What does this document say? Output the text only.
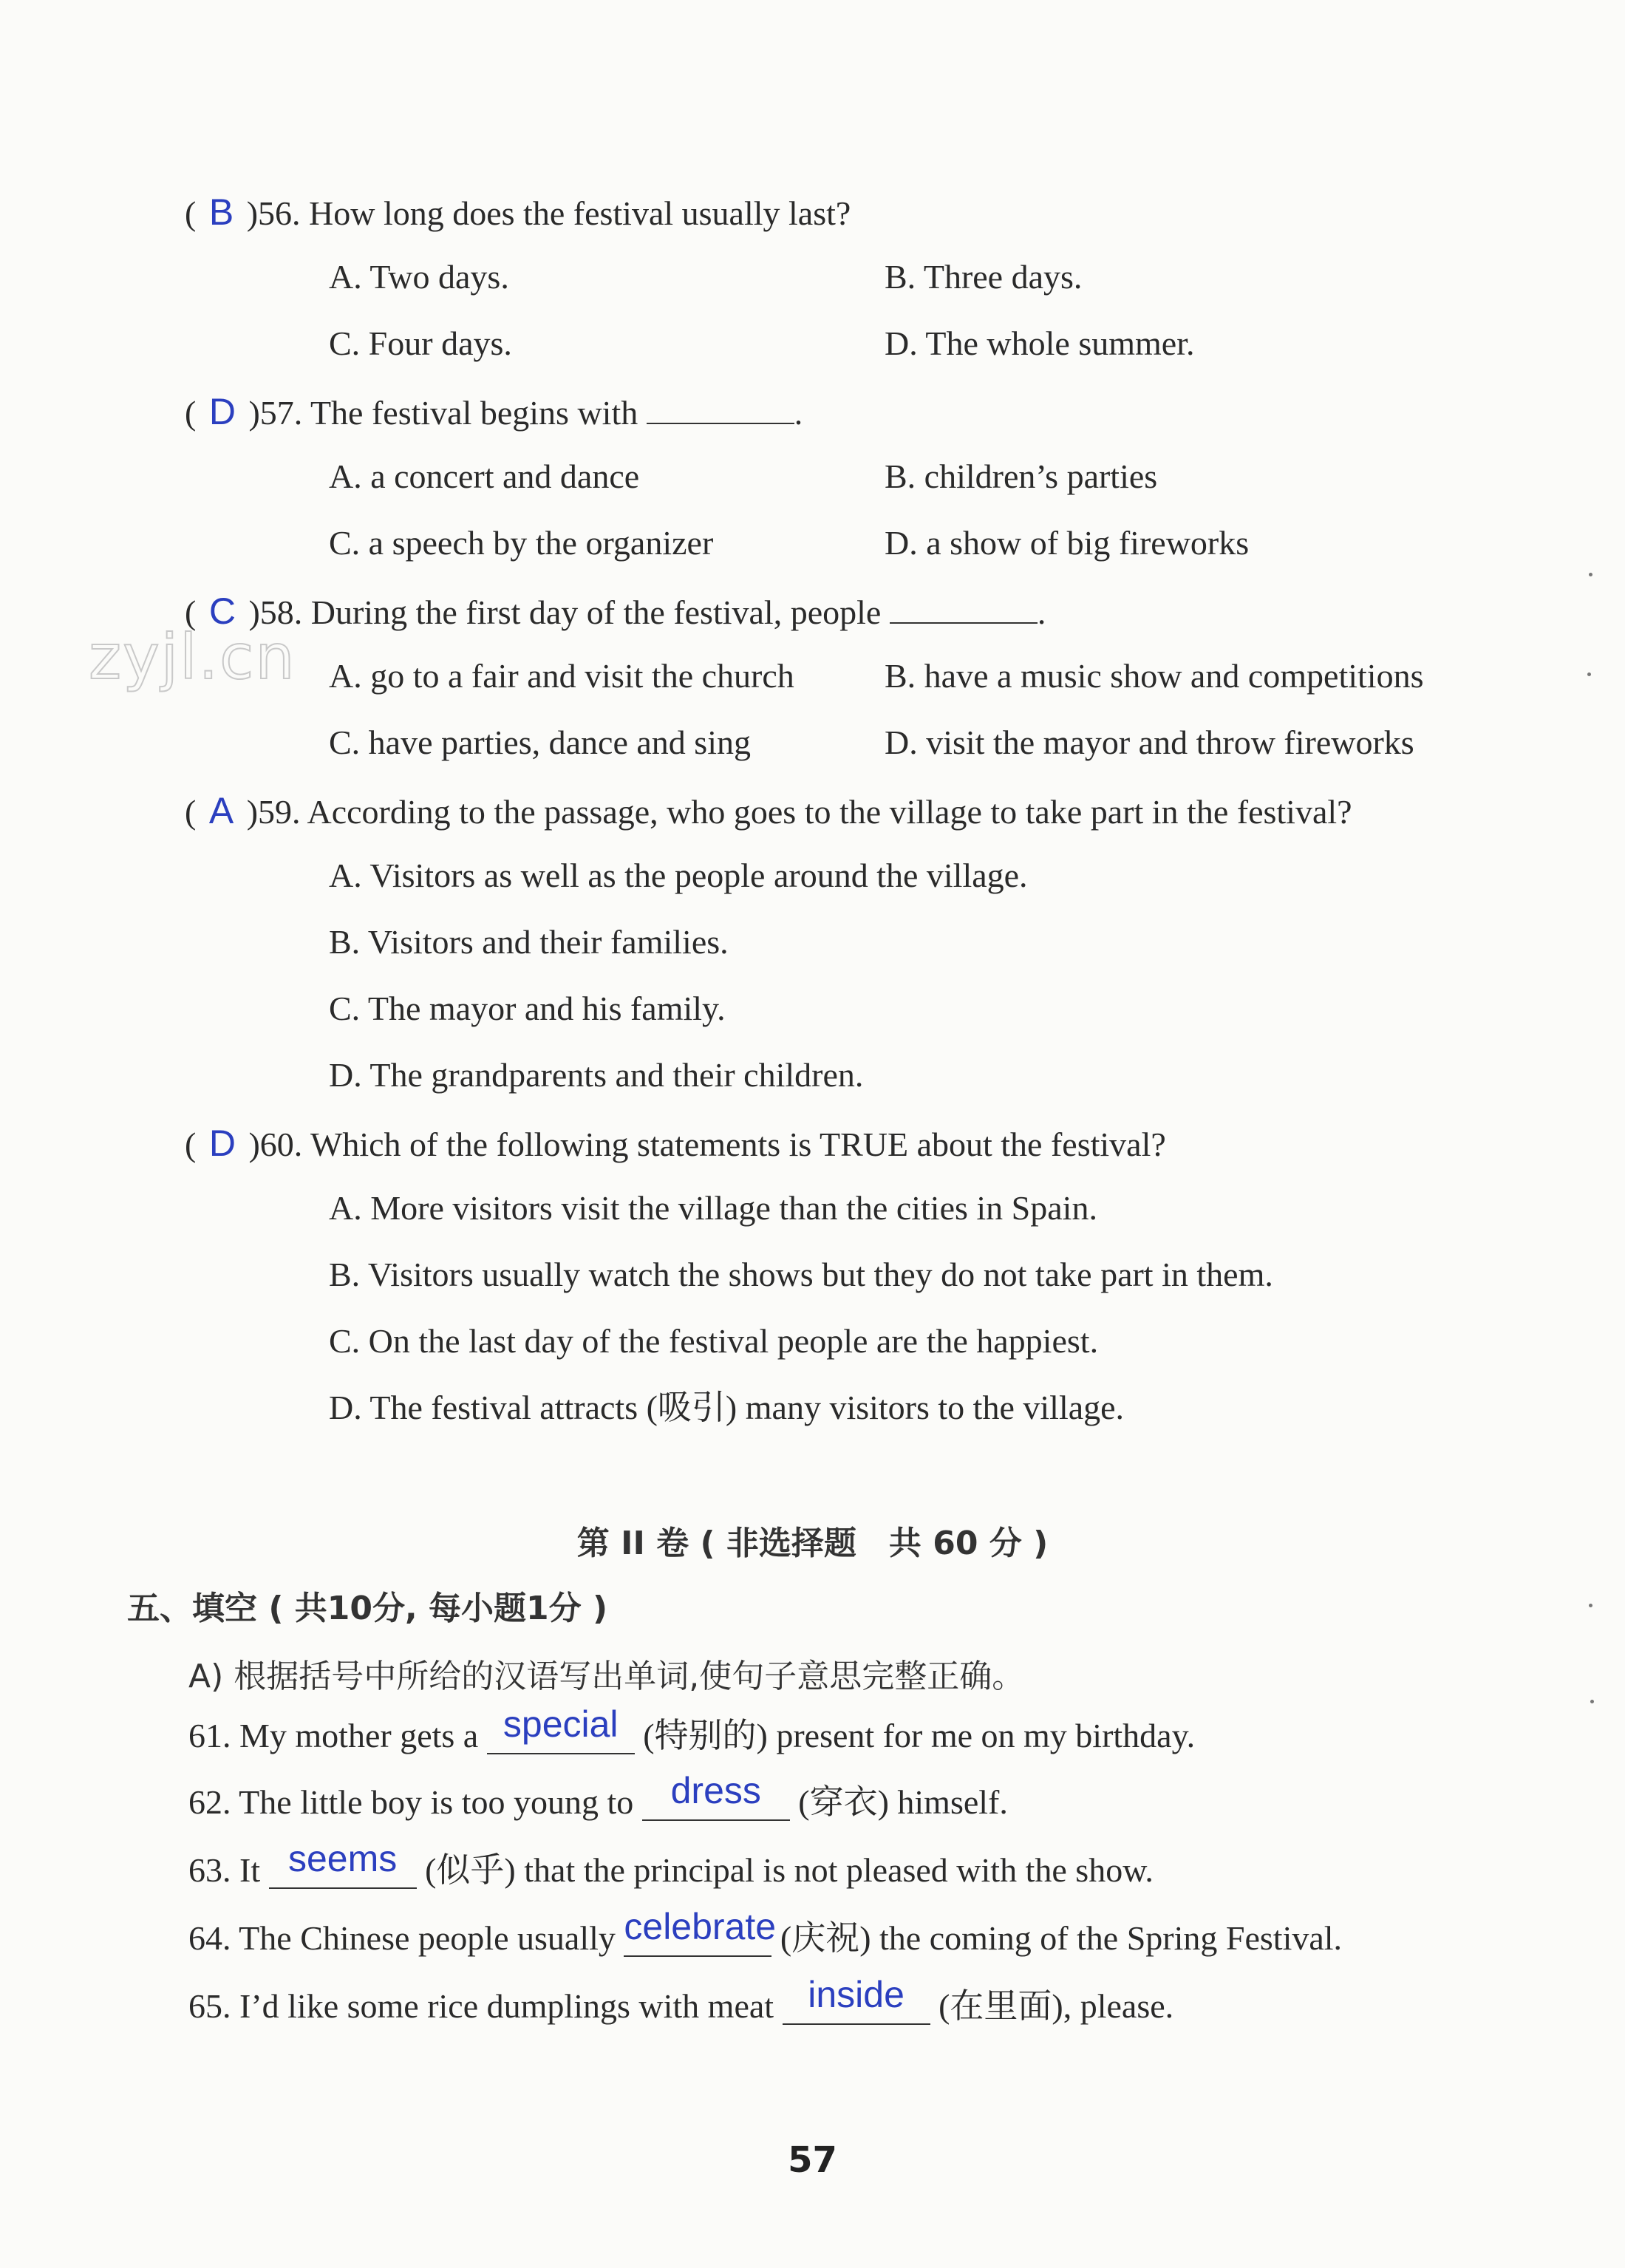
zyjl.cn
( B )56. How long does the festival usually last?
A. Two days.	B. Three days.
C. Four days.	D. The whole summer.
( D )57. The festival begins with	.
A. a concert and dance	B. children’s parties
C. a speech by the organizer	D. a show of big fireworks
( C )58. During the first day of the festival, people	.
A. go to a fair and visit the church	B. have a music show and competitions
C. have parties, dance and sing	D. visit the mayor and throw fireworks
( A )59. According to the passage, who goes to the village to take part in the festival?
A. Visitors as well as the people around the village.
B. Visitors and their families.
C. The mayor and his family.
D. The grandparents and their children.
( D )60. Which of the following statements is TRUE about the festival?
A. More visitors visit the village than the cities in Spain.
B. Visitors usually watch the shows but they do not take part in them.
C. On the last day of the festival people are the happiest.
D. The festival attracts (吸引) many visitors to the village.
第 II 卷 ( 非选择题　共 60 分 )
五、填空 ( 共10分, 每小题1分 )
A) 根据括号中所给的汉语写出单词,使句子意思完整正确。
61. My mother gets a special (特别的) present for me on my birthday.
62. The little boy is too young to dress (穿衣) himself.
63. It seems (似乎) that the principal is not pleased with the show.
64. The Chinese people usually celebrate (庆祝) the coming of the Spring Festival.
65. I’d like some rice dumplings with meat inside (在里面), please.
57
